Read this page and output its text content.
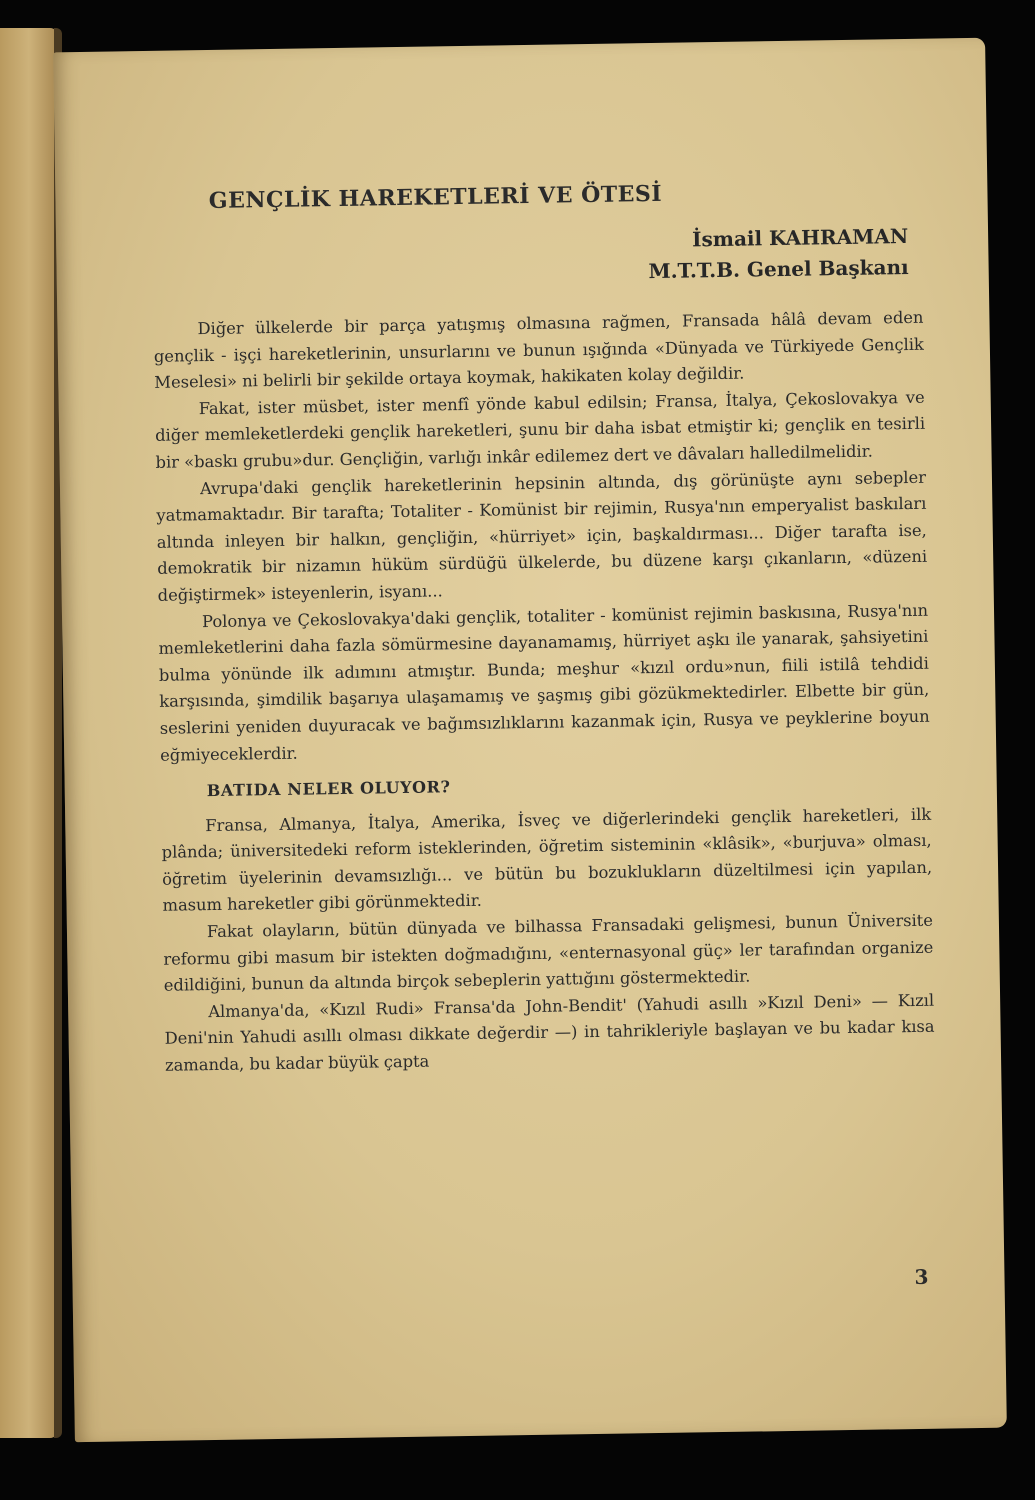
GENÇLİK HAREKETLERİ VE ÖTESİ
İsmail KAHRAMAN
M.T.T.B. Genel Başkanı

Diğer ülkelerde bir parça yatışmış olmasına rağmen, Fransada hâlâ devam eden gençlik - işçi hareketlerinin, unsurlarını ve bunun ışığında «Dünyada ve Türkiyede Gençlik Meselesi» ni belirli bir şekilde ortaya koymak, hakikaten kolay değildir.

Fakat, ister müsbet, ister menfî yönde kabul edilsin; Fransa, İtalya, Çekoslovakya ve diğer memleketlerdeki gençlik hareketleri, şunu bir daha isbat etmiştir ki; gençlik en tesirli bir «baskı grubu»dur. Gençliğin, varlığı inkâr edilemez dert ve dâvaları halledilmelidir.

Avrupa'daki gençlik hareketlerinin hepsinin altında, dış görünüşte aynı sebepler yatmamaktadır. Bir tarafta; Totaliter - Komünist bir rejimin, Rusya'nın emperyalist baskıları altında inleyen bir halkın, gençliğin, «hürriyet» için, başkaldırması... Diğer tarafta ise, demokratik bir nizamın hüküm sürdüğü ülkelerde, bu düzene karşı çıkanların, «düzeni değiştirmek» isteyenlerin, isyanı...

Polonya ve Çekoslovakya'daki gençlik, totaliter - komünist rejimin baskısına, Rusya'nın memleketlerini daha fazla sömürmesine dayanamamış, hürriyet aşkı ile yanarak, şahsiyetini bulma yönünde ilk adımını atmıştır. Bunda; meşhur «kızıl ordu»nun, fiili istilâ tehdidi karşısında, şimdilik başarıya ulaşamamış ve şaşmış gibi gözükmektedirler. Elbette bir gün, seslerini yeniden duyuracak ve bağımsızlıklarını kazanmak için, Rusya ve peyklerine boyun eğmiyeceklerdir.

BATIDA NELER OLUYOR?

Fransa, Almanya, İtalya, Amerika, İsveç ve diğerlerindeki gençlik hareketleri, ilk plânda; üniversitedeki reform isteklerinden, öğretim sisteminin «klâsik», «burjuva» olması, öğretim üyelerinin devamsızlığı... ve bütün bu bozuklukların düzeltilmesi için yapılan, masum hareketler gibi görünmektedir.

Fakat olayların, bütün dünyada ve bilhassa Fransadaki gelişmesi, bunun Üniversite reformu gibi masum bir istekten doğmadığını, «enternasyonal güç» ler tarafından organize edildiğini, bunun da altında birçok sebeplerin yattığını göstermektedir.

Almanya'da, «Kızıl Rudi» Fransa'da John-Bendit' (Yahudi asıllı »Kızıl Deni» — Kızıl Deni'nin Yahudi asıllı olması dikkate değerdir —) in tahrikleriyle başlayan ve bu kadar kısa zamanda, bu kadar büyük çapta

3
